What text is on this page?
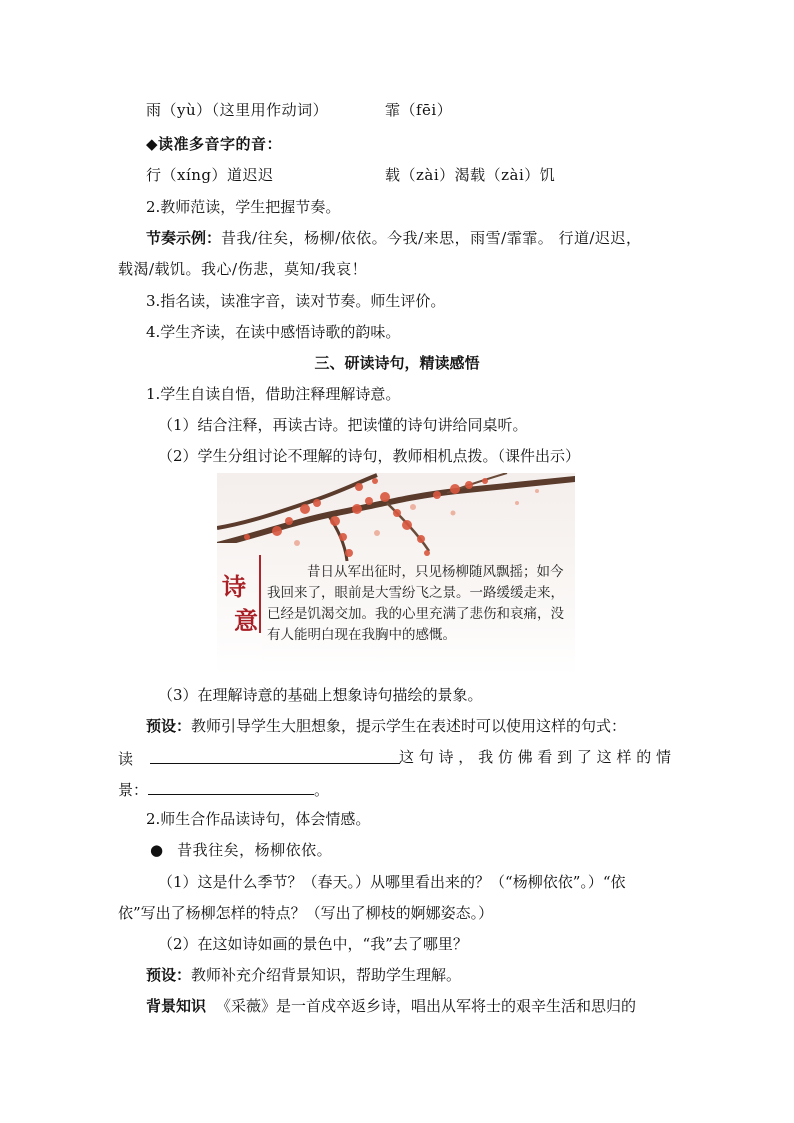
雨（yù）（这里用作动词）	霏（fēi）
◆读准多音字的音：
行（xíng）道迟迟	载（zài）渴载（zài）饥
2.教师范读，学生把握节奏。
节奏示例：昔我/往矣，杨柳/依依。今我/来思，雨雪/霏霏。 行道/迟迟，
载渴/载饥。我心/伤悲，莫知/我哀！
3.指名读，读准字音，读对节奏。师生评价。
4.学生齐读，在读中感悟诗歌的韵味。
三、研读诗句，精读感悟
1.学生自读自悟，借助注释理解诗意。
（1）结合注释，再读古诗。把读懂的诗句讲给同桌听。
（2）学生分组讨论不理解的诗句，教师相机点拨。（课件出示）
诗
意
昔日从军出征时，只见杨柳随风飘摇；如今我回来了，眼前是大雪纷飞之景。一路缓缓走来，已经是饥渴交加。我的心里充满了悲伤和哀痛，没有人能明白现在我胸中的感慨。
（3）在理解诗意的基础上想象诗句描绘的景象。
预设：教师引导学生大胆想象，提示学生在表述时可以使用这样的句式：
读	这 句 诗 ， 我 仿 佛 看 到 了 这 样 的 情
景：	。
2.师生合作品读诗句，体会情感。
● 昔我往矣，杨柳依依。
（1）这是什么季节？（春天。）从哪里看出来的？（“杨柳依依”。）“依
依”写出了杨柳怎样的特点？（写出了柳枝的婀娜姿态。）
（2）在这如诗如画的景色中，“我”去了哪里？
预设：教师补充介绍背景知识，帮助学生理解。
背景知识 《采薇》是一首戍卒返乡诗，唱出从军将士的艰辛生活和思归的
